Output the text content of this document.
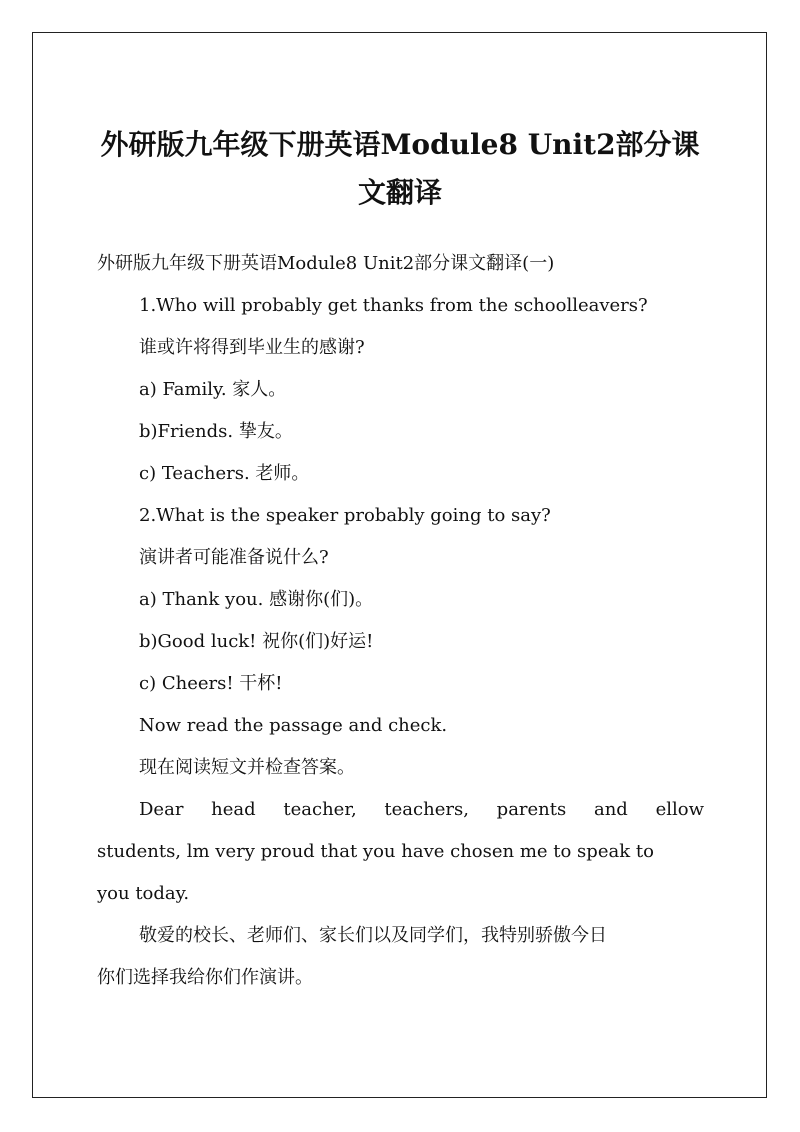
外研版九年级下册英语Module8 Unit2部分课
文翻译

外研版九年级下册英语Module8 Unit2部分课文翻译(一)

1.Who will probably get thanks from the schoolleavers?

谁或许将得到毕业生的感谢?

a) Family. 家人。

b)Friends. 挚友。

c) Teachers. 老师。

2.What is the speaker probably going to say?

演讲者可能准备说什么?

a) Thank you. 感谢你(们)。

b)Good luck! 祝你(们)好运!

c) Cheers! 干杯!

Now read the passage and check.

现在阅读短文并检查答案。

Dear head teacher, teachers, parents and ellow

students, lm very proud that you have chosen me to speak to

you today.

敬爱的校长、老师们、家长们以及同学们，我特别骄傲今日

你们选择我给你们作演讲。
